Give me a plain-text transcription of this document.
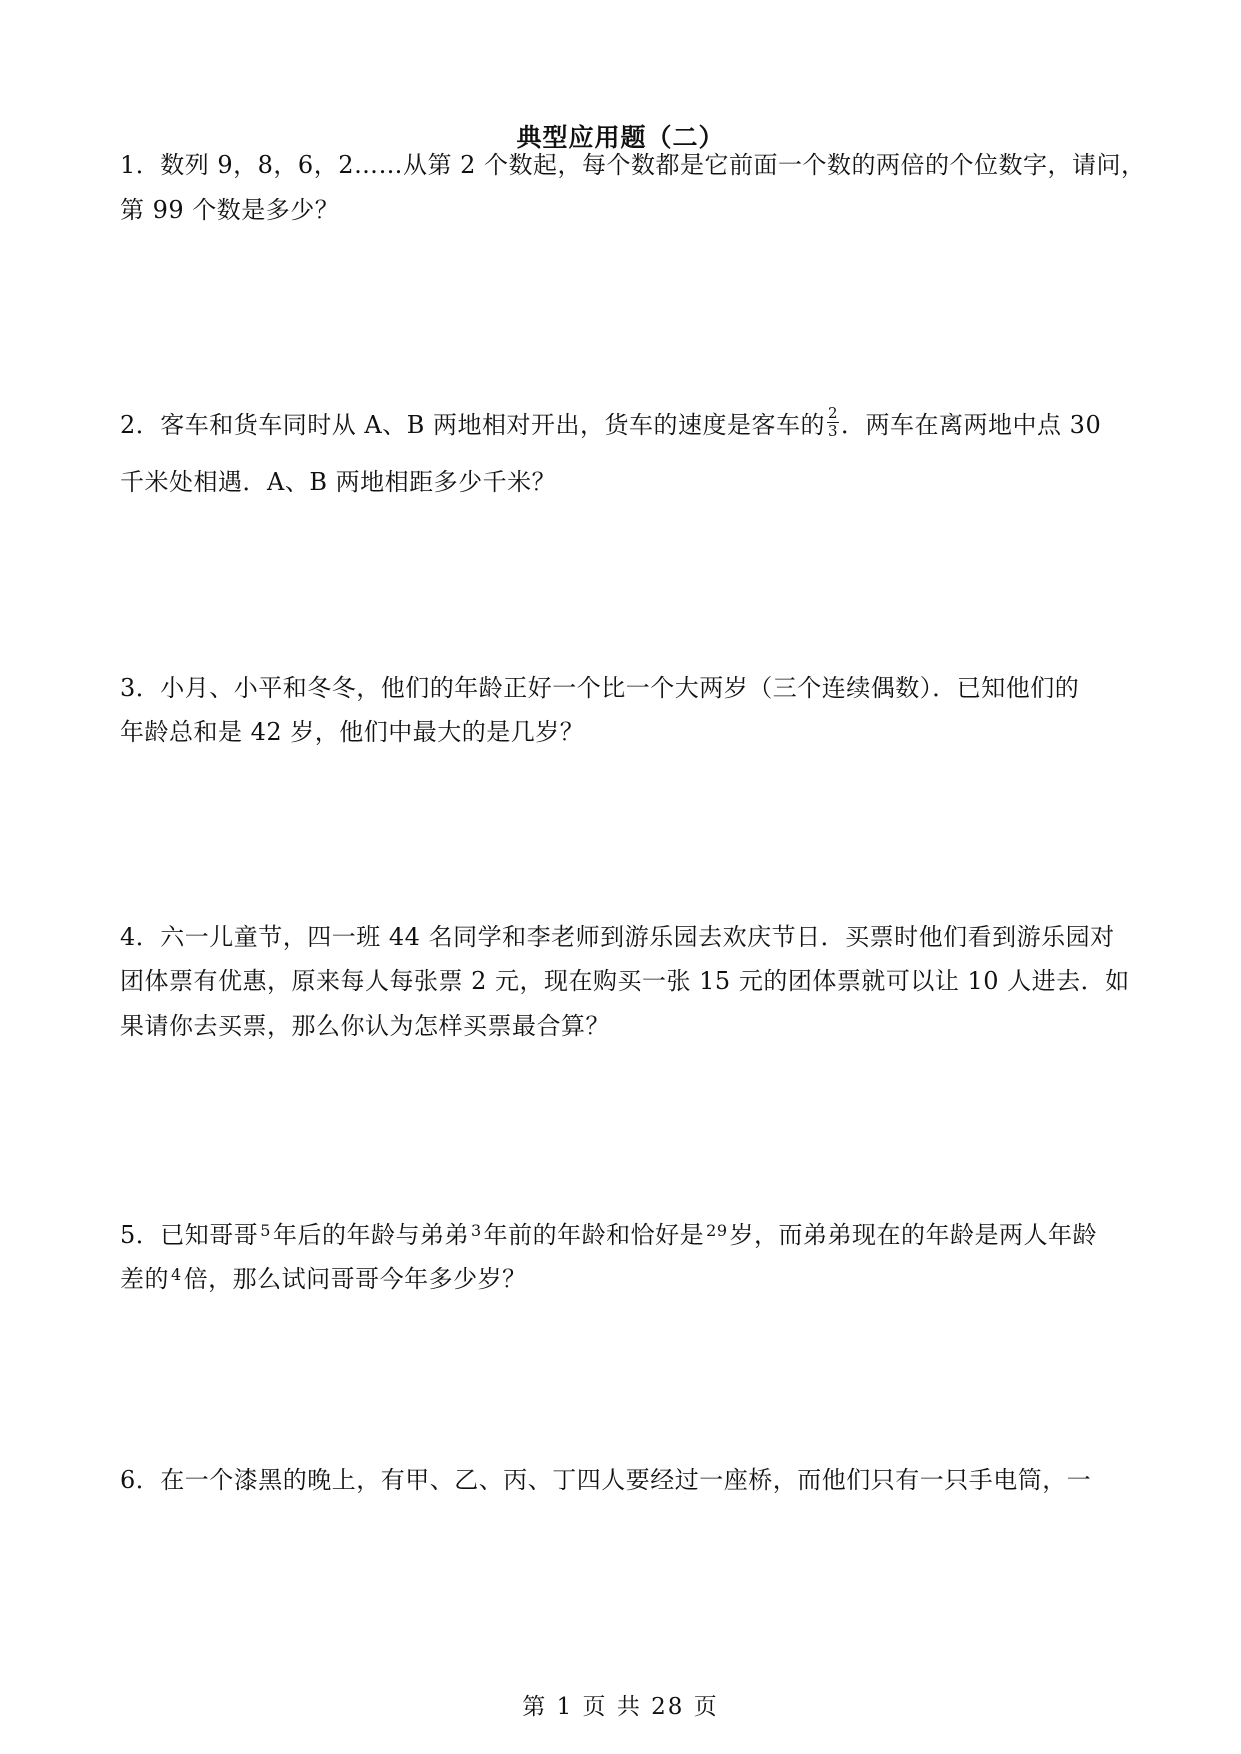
典型应用题（二）
1．数列 9，8，6，2……从第 2 个数起，每个数都是它前面一个数的两倍的个位数字，请问，
第 99 个数是多少？
2．客车和货车同时从 A、B 两地相对开出，货车的速度是客车的 $\frac{2}{3}$ ．两车在离两地中点 30
千米处相遇．A、B 两地相距多少千米？
3．小月、小平和冬冬，他们的年龄正好一个比一个大两岁（三个连续偶数）．已知他们的
年龄总和是 42 岁，他们中最大的是几岁？
4．六一儿童节，四一班 44 名同学和李老师到游乐园去欢庆节日．买票时他们看到游乐园对
团体票有优惠，原来每人每张票 2 元，现在购买一张 15 元的团体票就可以让 10 人进去．如
果请你去买票，那么你认为怎样买票最合算？
5．已知哥哥 $^5$年后的年龄与弟弟 $^3$年前的年龄和恰好是 $^{29}$岁，而弟弟现在的年龄是两人年龄
差的 $^4$倍，那么试问哥哥今年多少岁？
6．在一个漆黑的晚上，有甲、乙、丙、丁四人要经过一座桥，而他们只有一只手电筒，一
第 1 页 共 28 页
